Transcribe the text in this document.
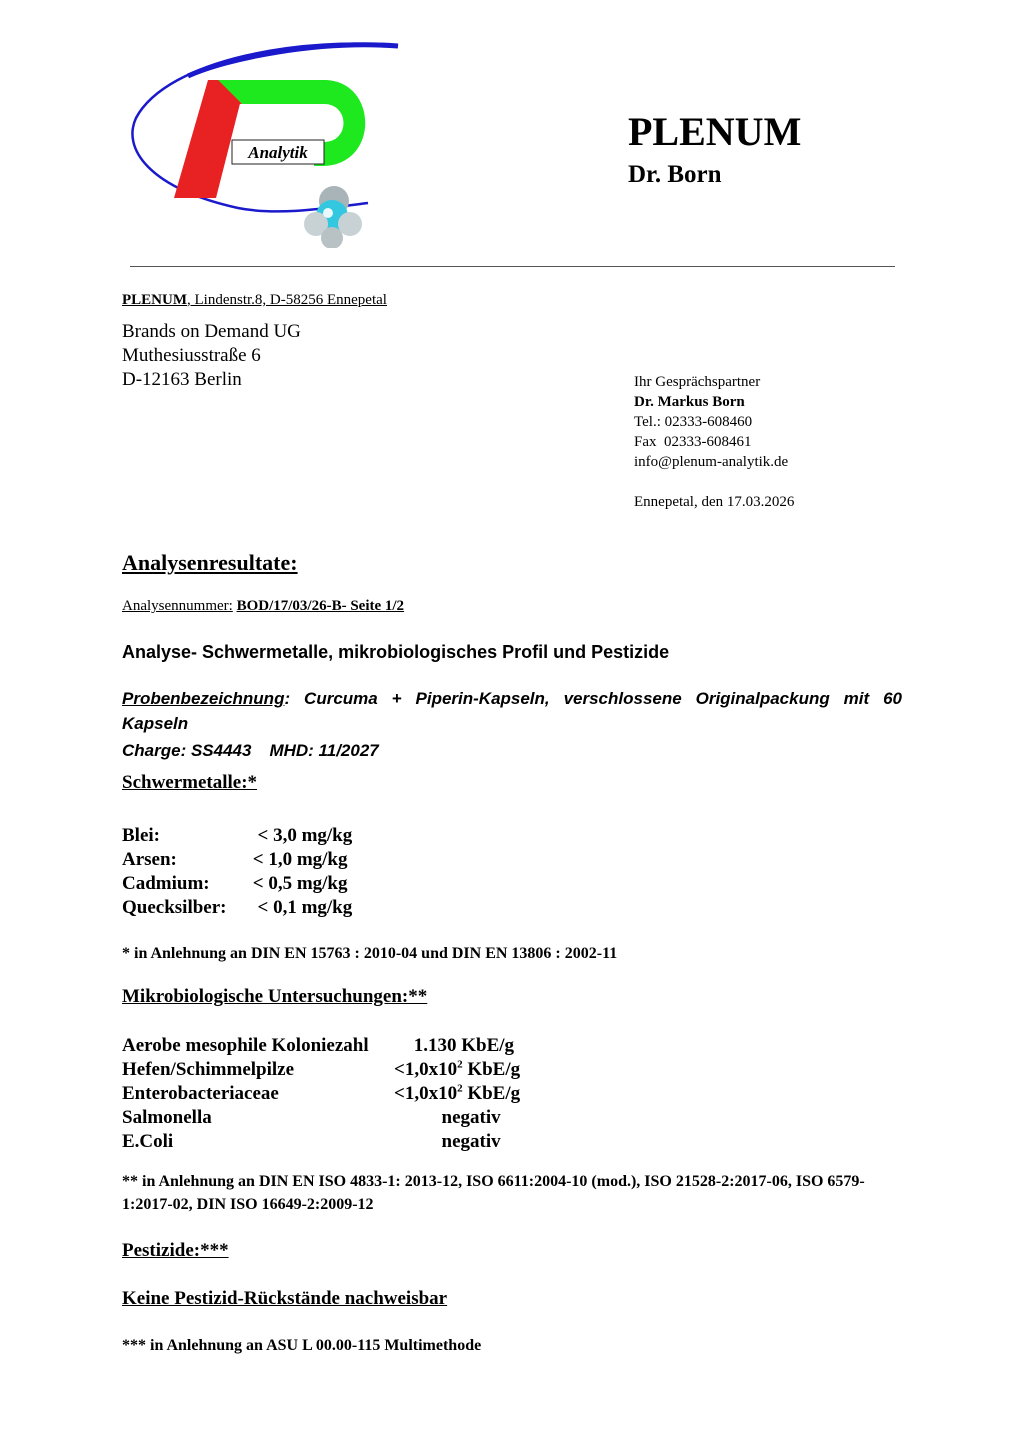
Analytik	PLENUM
Dr. Born
PLENUM, Lindenstr.8, D-58256 Ennepetal
Brands on Demand UG
Muthesiusstraße 6
D-12163 Berlin	Ihr Gesprächspartner
Dr. Markus Born
Tel.: 02333-608460
Fax  02333-608461
info@plenum-analytik.de
Ennepetal, den 17.03.2026
Analysenresultate:
Analysennummer: BOD/17/03/26-B- Seite 1/2
Analyse- Schwermetalle, mikrobiologisches Profil und Pestizide
Probenbezeichnung: Curcuma + Piperin-Kapseln, verschlossene Originalpackung mit 60 Kapseln
Charge: SS4443 MHD: 11/2027
Schwermetalle:*
Blei:	< 3,0 mg/kg
Arsen:	< 1,0 mg/kg
Cadmium:	< 0,5 mg/kg
Quecksilber:	< 0,1 mg/kg
* in Anlehnung an DIN EN 15763 : 2010-04 und DIN EN 13806 : 2002-11
Mikrobiologische Untersuchungen:**
Aerobe mesophile Koloniezahl	1.130 KbE/g
Hefen/Schimmelpilze	$<1,0x10^2$ KbE/g
Enterobacteriaceae	$<1,0x10^2$ KbE/g
Salmonella	negativ
E.Coli	negativ
** in Anlehnung an DIN EN ISO 4833-1: 2013-12, ISO 6611:2004-10 (mod.), ISO 21528-2:2017-06, ISO 6579-1:2017-02, DIN ISO 16649-2:2009-12
Pestizide:***
Keine Pestizid-Rückstände nachweisbar
*** in Anlehnung an ASU L 00.00-115 Multimethode
